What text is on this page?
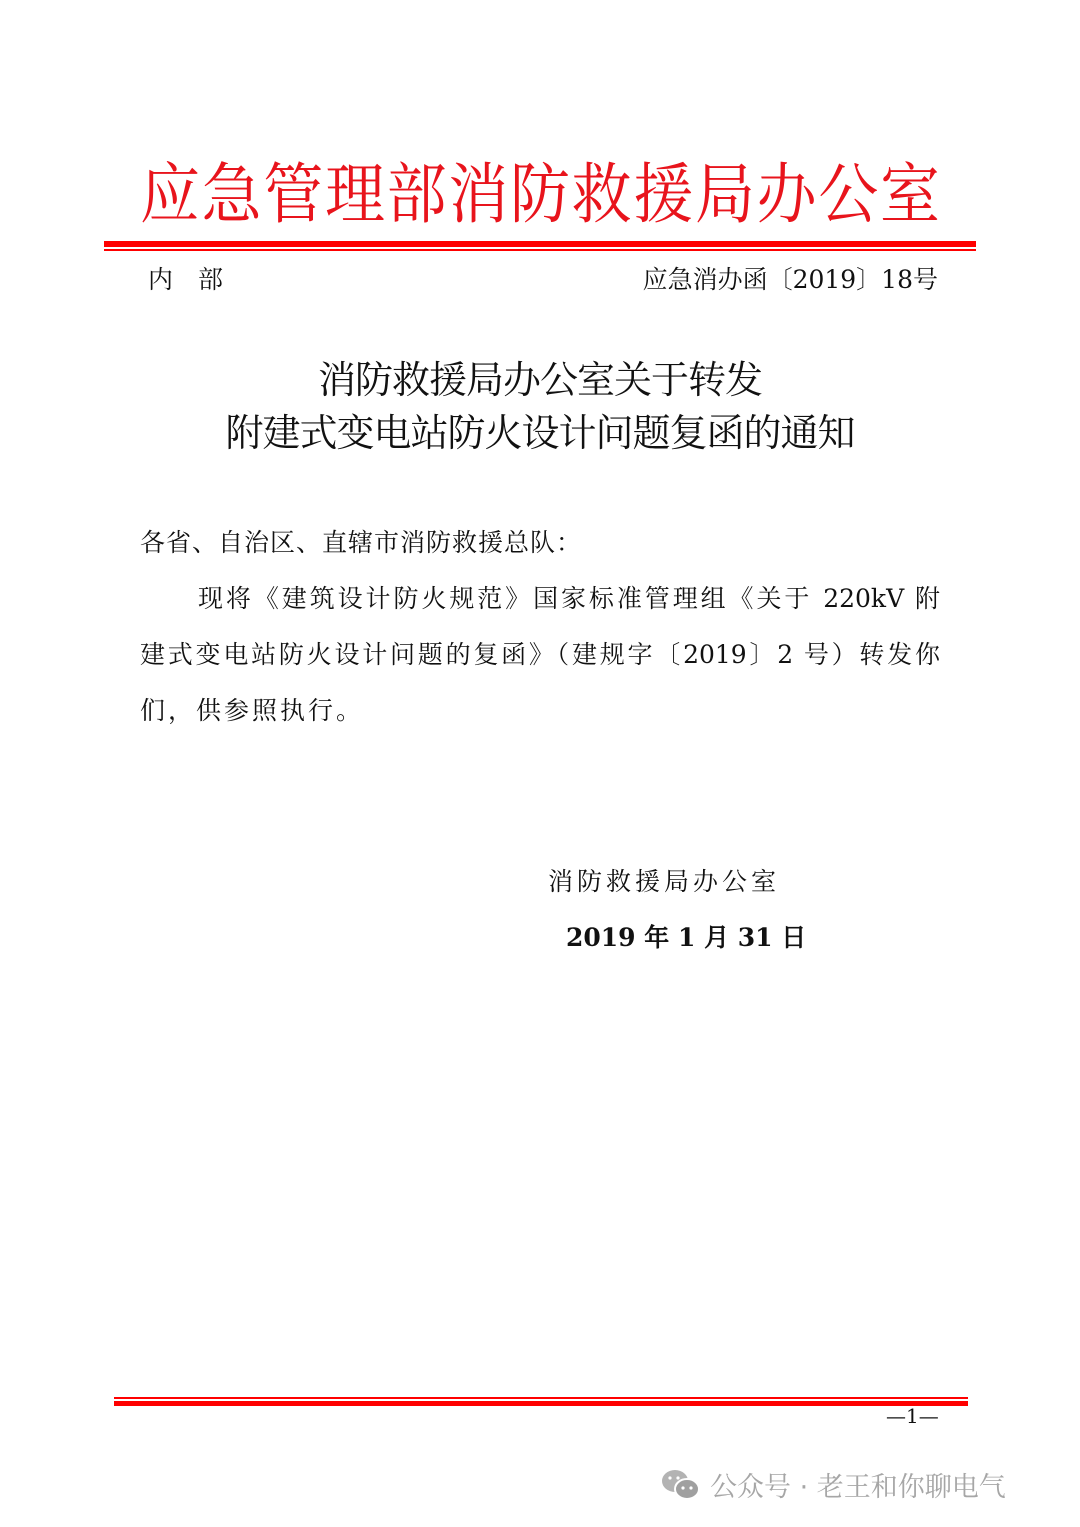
应急管理部消防救援局办公室
内　部	应急消办函〔2019〕18号
消防救援局办公室关于转发
附建式变电站防火设计问题复函的通知
各省、自治区、直辖市消防救援总队：
现将《建筑设计防火规范》国家标准管理组《关于 220kV 附
建式变电站防火设计问题的复函》（建规字〔2019〕2 号）转发你
们，供参照执行。
消防救援局办公室
2019 年 1 月 31 日
—1—
公众号 · 老王和你聊电气
